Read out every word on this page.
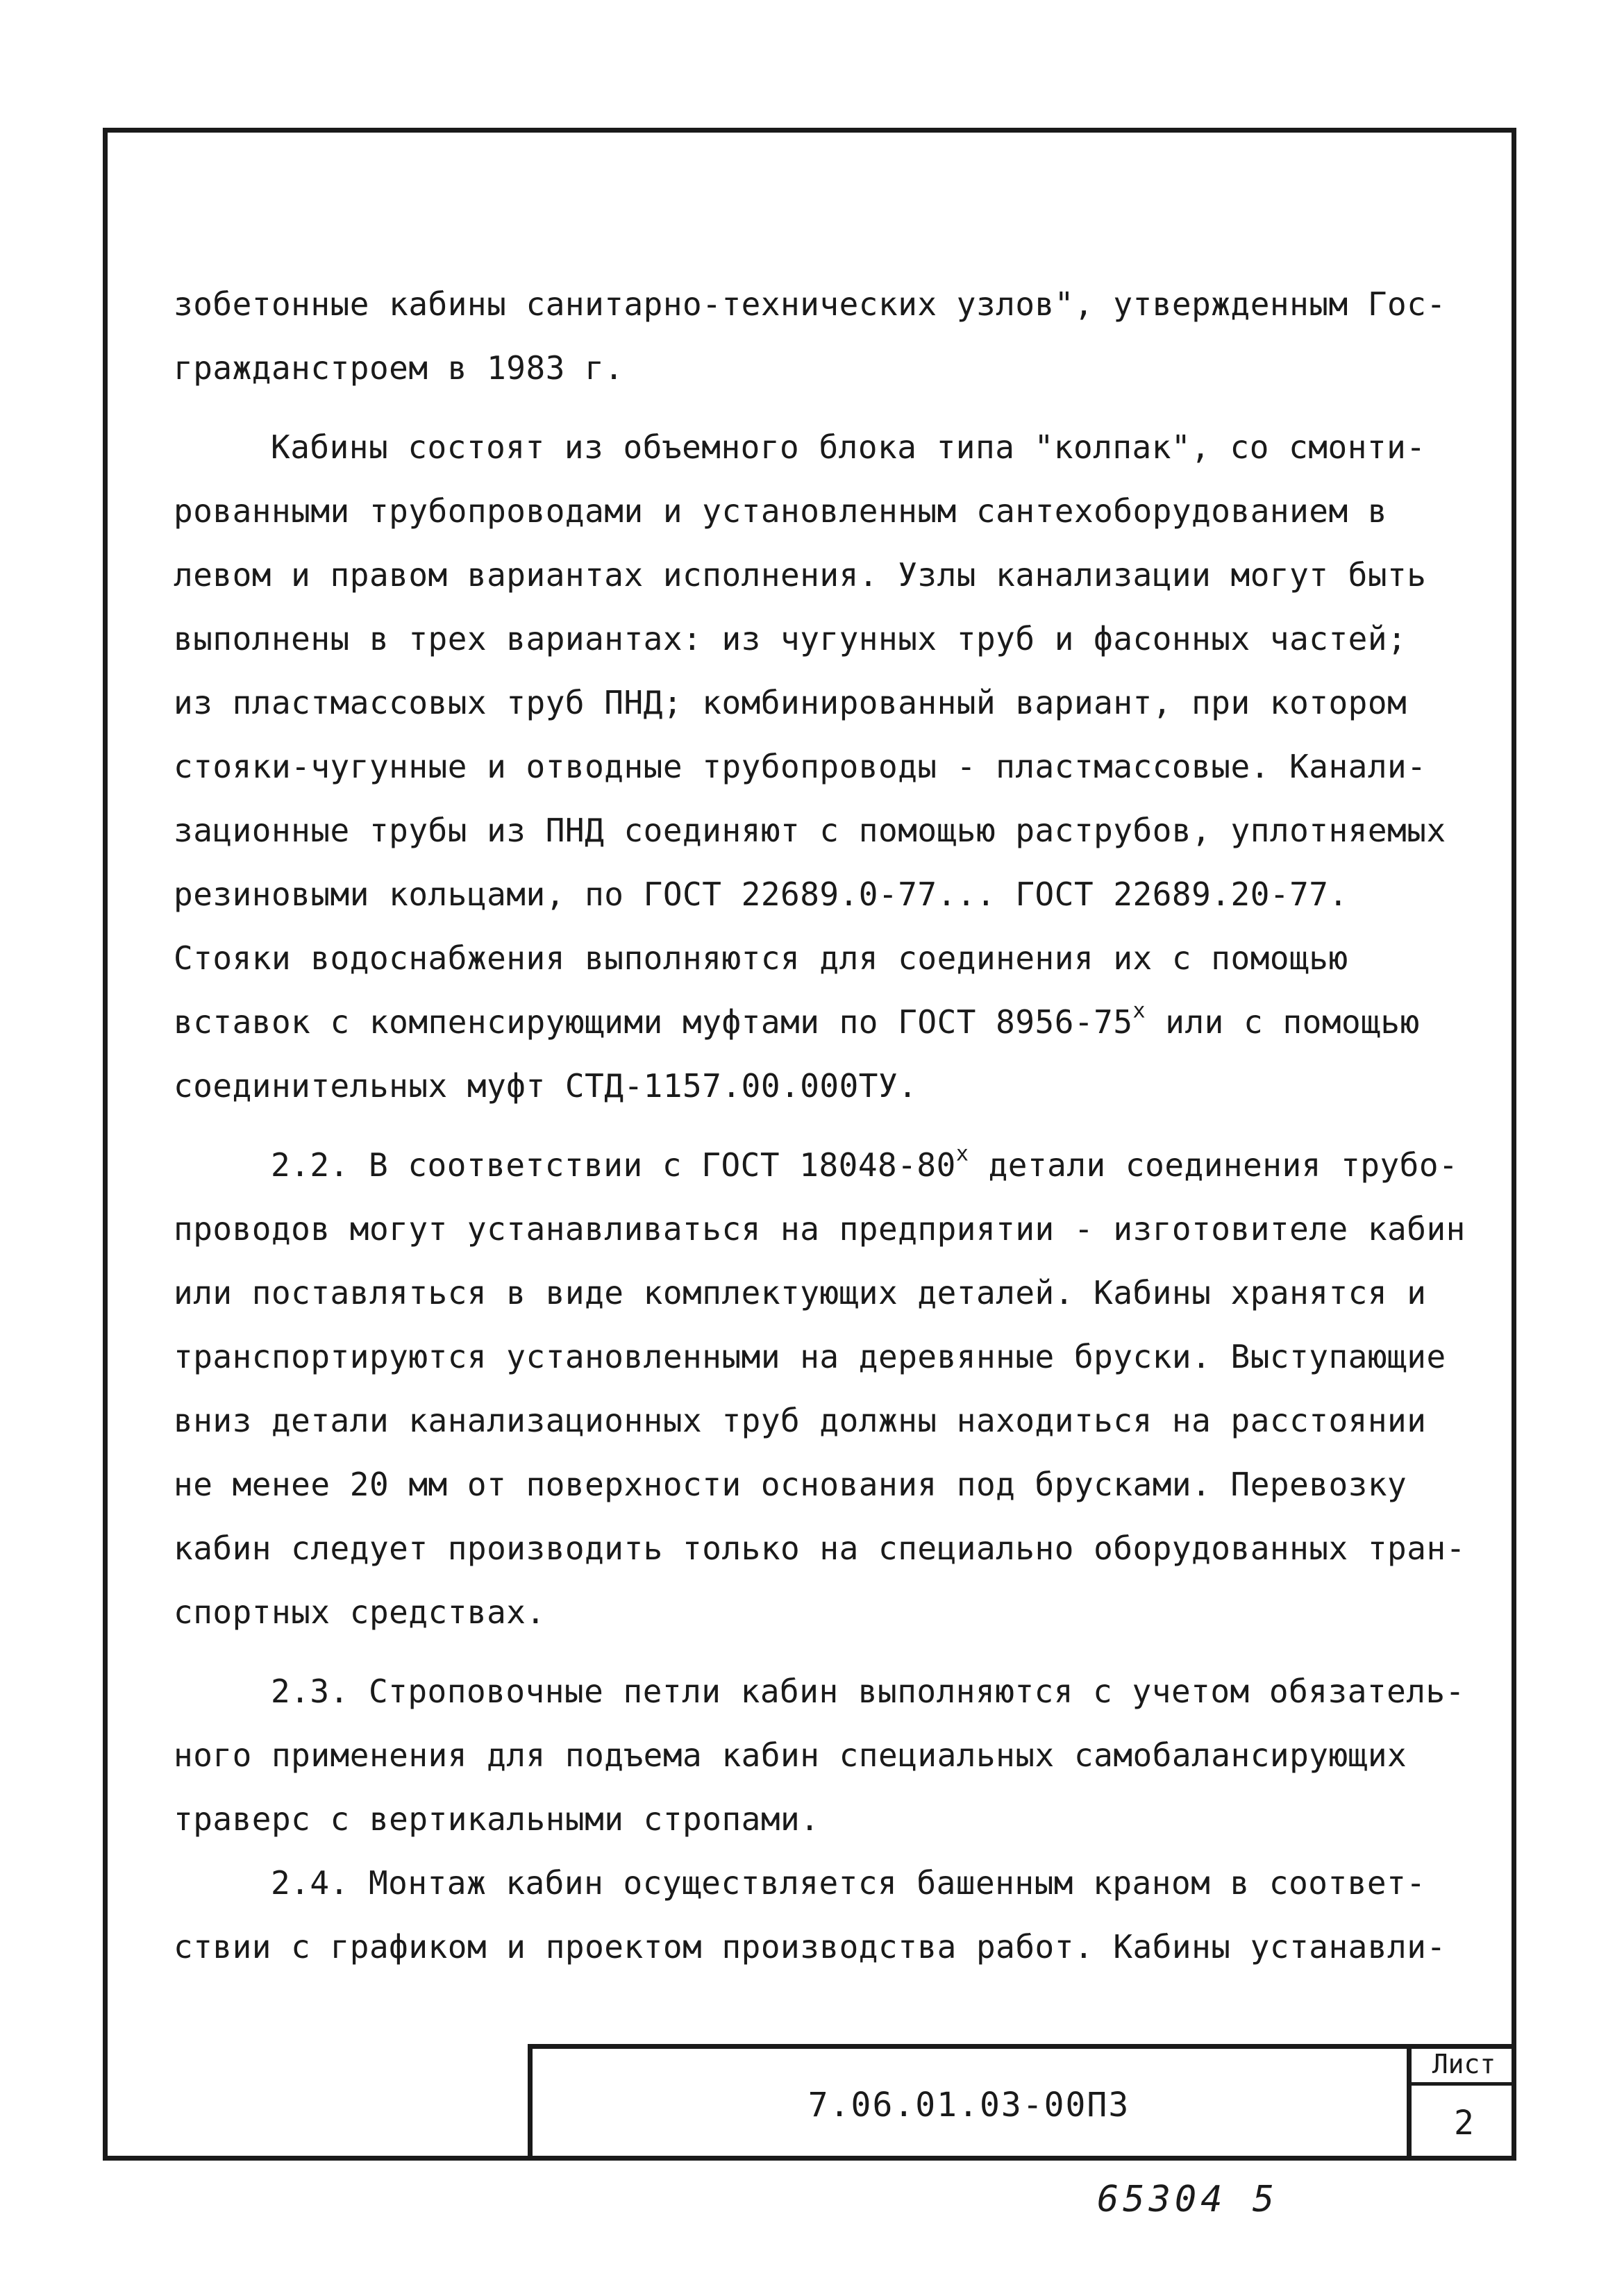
зобетонные кабины санитарно-технических узлов", утвержденным Гос-
гражданстроем в 1983 г.
Кабины состоят из объемного блока типа "колпак", со смонти-
рованными трубопроводами и установленным сантехоборудованием в
левом и правом вариантах исполнения. Узлы канализации могут быть
выполнены в трех вариантах: из чугунных труб и фасонных частей;
из пластмассовых труб ПНД; комбинированный вариант, при котором
стояки-чугунные и отводные трубопроводы - пластмассовые. Канали-
зационные трубы из ПНД соединяют с помощью раструбов, уплотняемых
резиновыми кольцами, по ГОСТ 22689.0-77... ГОСТ 22689.20-77.
Стояки водоснабжения выполняются для соединения их с помощью
вставок с компенсирующими муфтами по ГОСТ $8956-75^х$ или с помощью
соединительных муфт СТД-1157.00.000ТУ.
2.2. В соответствии с ГОСТ $18048-80^х$ детали соединения трубо-
проводов могут устанавливаться на предприятии - изготовителе кабин
или поставляться в виде комплектующих деталей. Кабины хранятся и
транспортируются установленными на деревянные бруски. Выступающие
вниз детали канализационных труб должны находиться на расстоянии
не менее 20 мм от поверхности основания под брусками. Перевозку
кабин следует производить только на специально оборудованных тран-
спортных средствах.
2.3. Строповочные петли кабин выполняются с учетом обязатель-
ного применения для подъема кабин специальных самобалансирующих
траверс с вертикальными стропами.
2.4. Монтаж кабин осуществляется башенным краном в соответ-
ствии с графиком и проектом производства работ. Кабины устанавли-
7.06.01.03-00ПЗ
Лист
2
65304 5
